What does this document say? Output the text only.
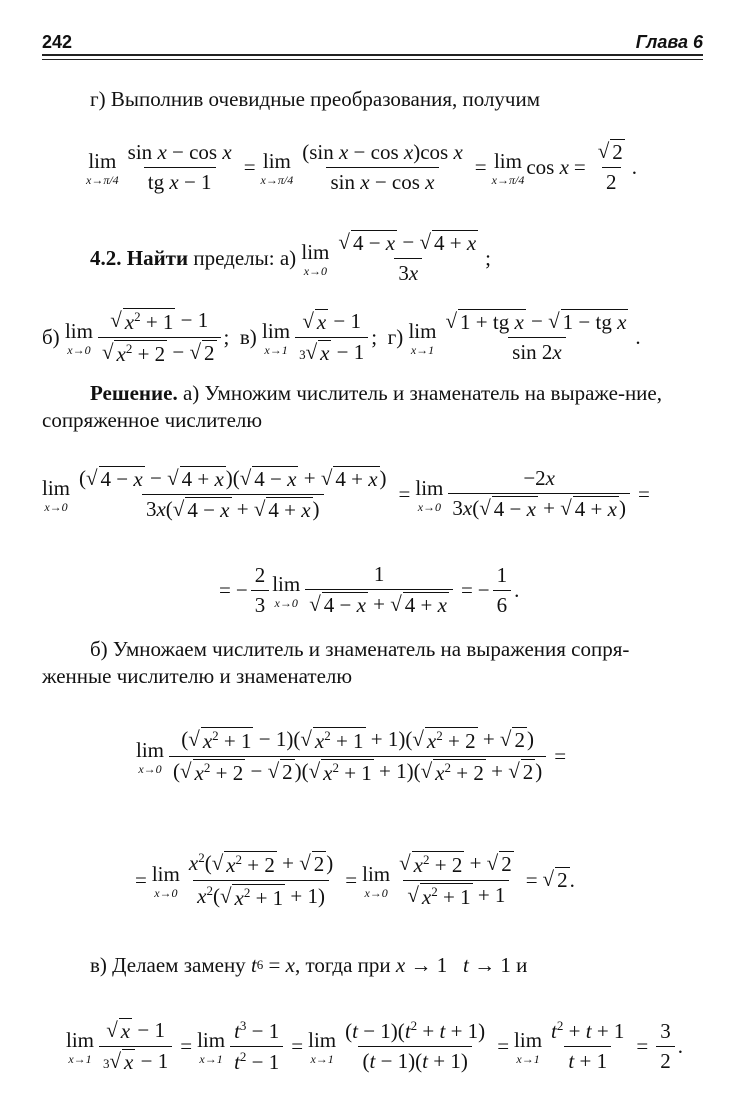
242	Глава 6
г) Выполнив очевидные преобразования, получим
lim
$x\to\pi/4 \frac{\text{sin x − cos x}}{\text{tg x − 1}} = \lim$
$x\to\pi/4 \frac{\text{(sin x − cos x)cos x}}{\text{sin x − cos x}} = \lim$
x→π/4
$\cos x = \frac{√ 2}{2}$ .
4.2. Найти пределы: а) lim
$x\to 0 \frac{√ 4 - x - √ 4 + x}{3x}$ ;
б)
lim
$x\to 0 \frac{√ x^2 + 1 - 1}{√ x^2 + 2 - √ 2}$ ; в)
lim
$x\to 1 \frac{√ x - 1}{3√ x - 1}$ ; г)
lim
$x\to 1 \frac{\text{√ 1 + tg x − √ 1 − tg x}}{\sin 2x}$ .
Решение. а) Умножим числитель и знаменатель на выраже-ние, сопряженное числителю
lim
$x\to 0 \frac{( √ 4 - x - √ 4 + x )( √ 4 - x + √ 4 + x )}{3x( √ 4 - x + √ 4 + x )} = \lim$
$x\to 0 \frac{-2x}{3x( √ 4 - x + √ 4 + x )}$ =
= − $\frac{2}{3}$ lim
$x\to 0 \frac{1}{√ 4 - x + √ 4 + x}$ = − $\frac{1}{6}$ .
б) Умножаем числитель и знаменатель на выражения сопря-женные числителю и знаменателю
lim
$x\to 0 \frac{( √ x^2 + 1 - 1)( √ x^2 + 1 + 1)( √ x^2 + 2 + √ 2 )}{( √ x^2 + 2 - √ 2 )( √ x^2 + 1 + 1)( √ x^2 + 2 + √ 2 )}$ =
= lim
$x\to 0 \frac{x^2( √ x^2 + 2 + √ 2 )}{x^2( √ x^2 + 1 + 1)} = \lim$
$x\to 0 \frac{√ x^2 + 2 + √ 2}{√ x^2 + 1 + 1}$ = √ 2 .
в) Делаем замену
t 6 = x , тогда при
x → 1 t → 1 и
lim
$x\to 1 \frac{√ x - 1}{3√ x - 1} = \lim$
$x\to 1 \frac{t^3 - 1}{t^2 - 1} = \lim$
$x\to 1 \frac{(t - 1)(t^2 + t + 1)}{(t - 1)(t + 1)} = \lim$
$x\to 1 \frac{t^2 + t + 1}{t + 1} = \frac{3}{2}$ .
